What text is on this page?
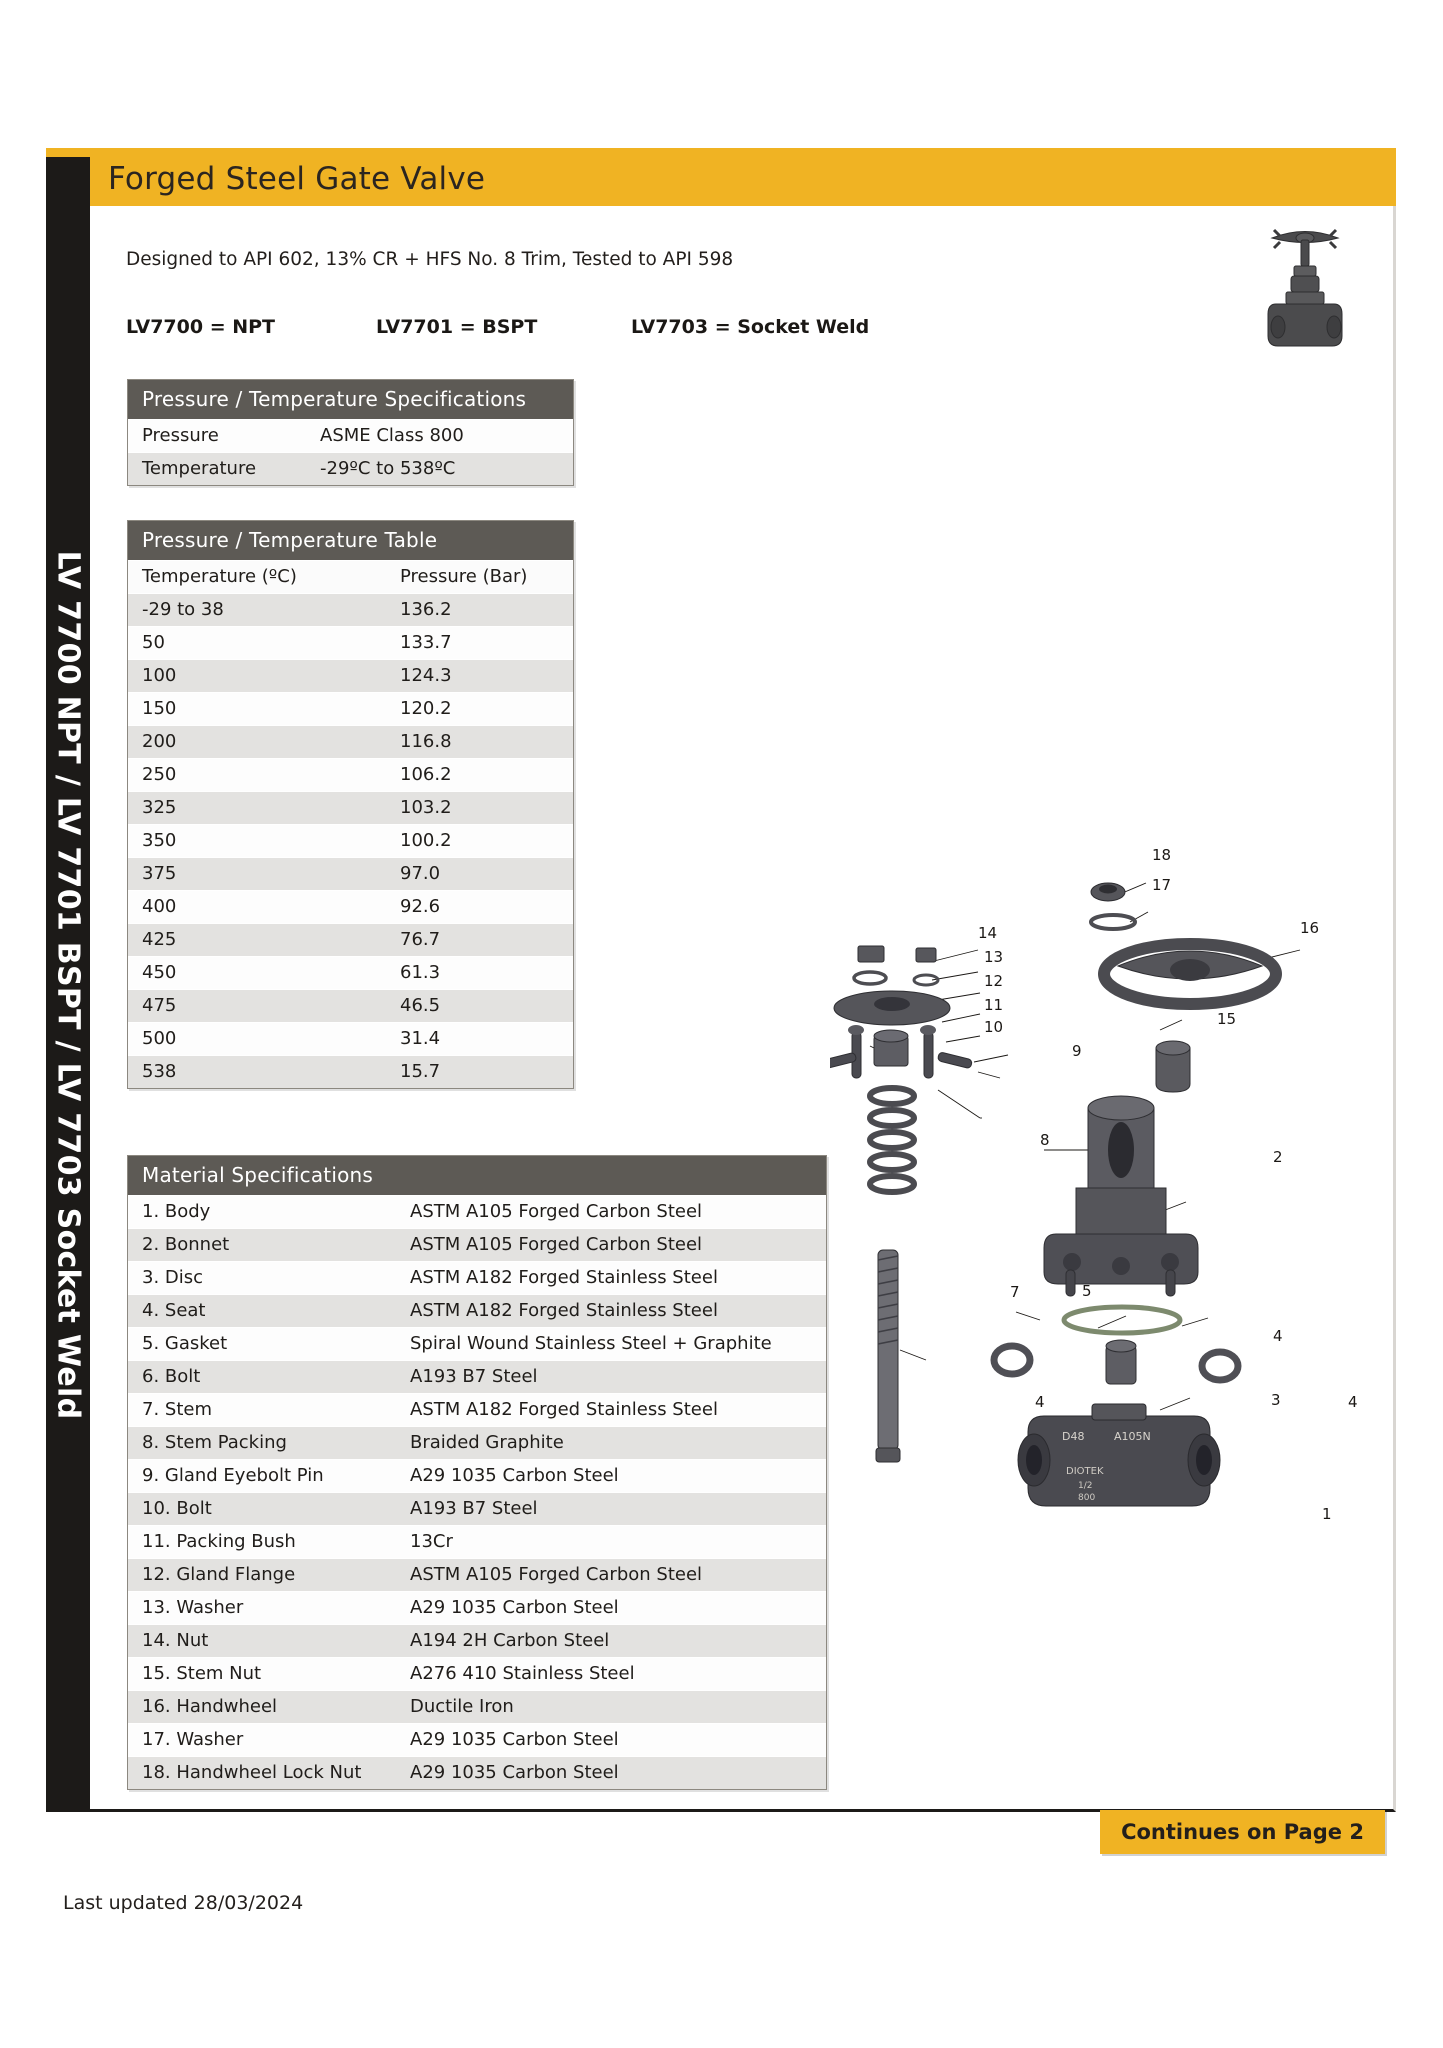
Forged Steel Gate Valve
LV 7700 NPT / LV 7701 BSPT / LV 7703 Socket Weld
Designed to API 602, 13% CR + HFS No. 8 Trim, Tested to API 598
LV7700 = NPT	LV7701 = BSPT	LV7703 = Socket Weld
Pressure / Temperature Specifications
Pressure	ASME Class 800
Temperature	-29ºC to 538ºC
Pressure / Temperature Table
Temperature (ºC)	Pressure (Bar)
-29 to 38	136.2
50	133.7
100	124.3
150	120.2
200	116.8
250	106.2
325	103.2
350	100.2
375	97.0
400	92.6
425	76.7
450	61.3
475	46.5
500	31.4
538	15.7
Material Specifications
1. Body	ASTM A105 Forged Carbon Steel
2. Bonnet	ASTM A105 Forged Carbon Steel
3. Disc	ASTM A182 Forged Stainless Steel
4. Seat	ASTM A182 Forged Stainless Steel
5. Gasket	Spiral Wound Stainless Steel + Graphite
6. Bolt	A193 B7 Steel
7. Stem	ASTM A182 Forged Stainless Steel
8. Stem Packing	Braided Graphite
9. Gland Eyebolt Pin	A29 1035 Carbon Steel
10. Bolt	A193 B7 Steel
11. Packing Bush	13Cr
12. Gland Flange	ASTM A105 Forged Carbon Steel
13. Washer	A29 1035 Carbon Steel
14. Nut	A194 2H Carbon Steel
15. Stem Nut	A276 410 Stainless Steel
16. Handwheel	Ductile Iron
17. Washer	A29 1035 Carbon Steel
18. Handwheel Lock Nut	A29 1035 Carbon Steel
D48	A105N
DIOTEK
1/2
800
18
17
16
15
14
13
12
11
10
9
8
7
2
5
4
4	3	4
1
Continues on Page 2
Last updated 28/03/2024
